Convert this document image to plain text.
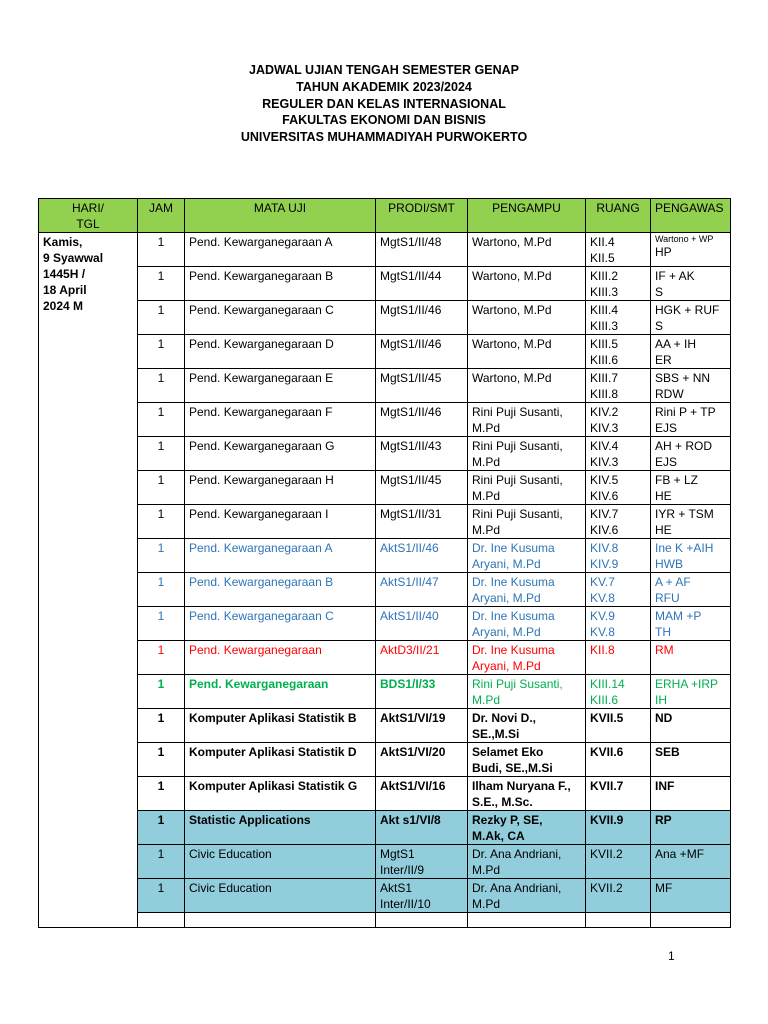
JADWAL UJIAN TENGAH SEMESTER GENAP
TAHUN AKADEMIK 2023/2024
REGULER DAN KELAS INTERNASIONAL
FAKULTAS EKONOMI DAN BISNIS
UNIVERSITAS MUHAMMADIYAH PURWOKERTO
HARI/
TGL	JAM	MATA UJI	PRODI/SMT	PENGAMPU	RUANG	PENGAWAS
Kamis,
9 Syawwal
1445H /
18 April
2024 M	1	Pend. Kewarganegaraan A	MgtS1/II/48	Wartono, M.Pd	KII.4
KII.5	Wartono + WP
HP
	1	Pend. Kewarganegaraan B	MgtS1/II/44	Wartono, M.Pd	KIII.2
KIII.3	IF + AK
S
	1	Pend. Kewarganegaraan C	MgtS1/II/46	Wartono, M.Pd	KIII.4
KIII.3	HGK + RUF
S
	1	Pend. Kewarganegaraan D	MgtS1/II/46	Wartono, M.Pd	KIII.5
KIII.6	AA + IH
ER
	1	Pend. Kewarganegaraan E	MgtS1/II/45	Wartono, M.Pd	KIII.7
KIII.8	SBS + NN
RDW
	1	Pend. Kewarganegaraan F	MgtS1/II/46	Rini Puji Susanti,
M.Pd	KIV.2
KIV.3	Rini P + TP
EJS
	1	Pend. Kewarganegaraan G	MgtS1/II/43	Rini Puji Susanti,
M.Pd	KIV.4
KIV.3	AH + ROD
EJS
	1	Pend. Kewarganegaraan H	MgtS1/II/45	Rini Puji Susanti,
M.Pd	KIV.5
KIV.6	FB + LZ
HE
	1	Pend. Kewarganegaraan I	MgtS1/II/31	Rini Puji Susanti,
M.Pd	KIV.7
KIV.6	IYR + TSM
HE
	1	Pend. Kewarganegaraan A	AktS1/II/46	Dr. Ine Kusuma
Aryani, M.Pd	KIV.8
KIV.9	Ine K +AIH
HWB
	1	Pend. Kewarganegaraan B	AktS1/II/47	Dr. Ine Kusuma
Aryani, M.Pd	KV.7
KV.8	A + AF
RFU
	1	Pend. Kewarganegaraan C	AktS1/II/40	Dr. Ine Kusuma
Aryani, M.Pd	KV.9
KV.8	MAM +P
TH
	1	Pend. Kewarganegaraan	AktD3/II/21	Dr. Ine Kusuma
Aryani, M.Pd	KII.8	RM
	1	Pend. Kewarganegaraan	BDS1/I/33	Rini Puji Susanti,
M.Pd	KIII.14
KIII.6	ERHA +IRP
IH
	1	Komputer Aplikasi Statistik B	AktS1/VI/19	Dr. Novi D.,
SE.,M.Si	KVII.5	ND
	1	Komputer Aplikasi Statistik D	AktS1/VI/20	Selamet Eko
Budi, SE.,M.Si	KVII.6	SEB
	1	Komputer Aplikasi Statistik G	AktS1/VI/16	Ilham Nuryana F.,
S.E., M.Sc.	KVII.7	INF
	1	Statistic Applications	Akt s1/VI/8	Rezky P, SE,
M.Ak, CA	KVII.9	RP
	1	Civic Education	MgtS1
Inter/II/9	Dr. Ana Andriani,
M.Pd	KVII.2	Ana +MF
	1	Civic Education	AktS1
Inter/II/10	Dr. Ana Andriani,
M.Pd	KVII.2	MF

1
